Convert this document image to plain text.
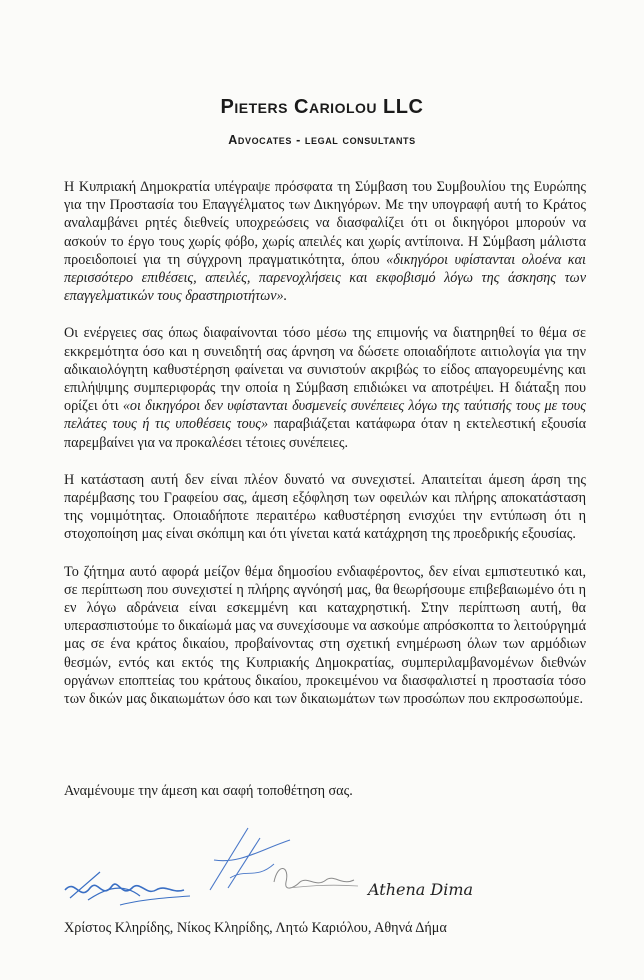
Pieters Cariolou LLC
Advocates - legal consultants

Η Κυπριακή Δημοκρατία υπέγραψε πρόσφατα τη Σύμβαση του Συμβουλίου της Ευρώπης για την Προστασία του Επαγγέλματος των Δικηγόρων. Με την υπογραφή αυτή το Κράτος αναλαμβάνει ρητές διεθνείς υποχρεώσεις να διασφαλίζει ότι οι δικηγόροι μπορούν να ασκούν το έργο τους χωρίς φόβο, χωρίς απειλές και χωρίς αντίποινα. Η Σύμβαση μάλιστα προειδοποιεί για τη σύγχρονη πραγματικότητα, όπου «δικηγόροι υφίστανται ολοένα και περισσότερο επιθέσεις, απειλές, παρενοχλήσεις και εκφοβισμό λόγω της άσκησης των επαγγελματικών τους δραστηριοτήτων».

Οι ενέργειες σας όπως διαφαίνονται τόσο μέσω της επιμονής να διατηρηθεί το θέμα σε εκκρεμότητα όσο και η συνειδητή σας άρνηση να δώσετε οποιαδήποτε αιτιολογία για την αδικαιολόγητη καθυστέρηση φαίνεται να συνιστούν ακριβώς το είδος απαγορευμένης και επιλήψιμης συμπεριφοράς την οποία η Σύμβαση επιδιώκει να αποτρέψει. Η διάταξη που ορίζει ότι «οι δικηγόροι δεν υφίστανται δυσμενείς συνέπειες λόγω της ταύτισής τους με τους πελάτες τους ή τις υποθέσεις τους» παραβιάζεται κατάφωρα όταν η εκτελεστική εξουσία παρεμβαίνει για να προκαλέσει τέτοιες συνέπειες.

Η κατάσταση αυτή δεν είναι πλέον δυνατό να συνεχιστεί. Απαιτείται άμεση άρση της παρέμβασης του Γραφείου σας, άμεση εξόφληση των οφειλών και πλήρης αποκατάσταση της νομιμότητας. Οποιαδήποτε περαιτέρω καθυστέρηση ενισχύει την εντύπωση ότι η στοχοποίηση μας είναι σκόπιμη και ότι γίνεται κατά κατάχρηση της προεδρικής εξουσίας.

Το ζήτημα αυτό αφορά μείζον θέμα δημοσίου ενδιαφέροντος, δεν είναι εμπιστευτικό και, σε περίπτωση που συνεχιστεί η πλήρης αγνόησή μας, θα θεωρήσουμε επιβεβαιωμένο ότι η εν λόγω αδράνεια είναι εσκεμμένη και καταχρηστική. Στην περίπτωση αυτή, θα υπερασπιστούμε το δικαίωμά μας να συνεχίσουμε να ασκούμε απρόσκοπτα το λειτούργημά μας σε ένα κράτος δικαίου, προβαίνοντας στη σχετική ενημέρωση όλων των αρμόδιων θεσμών, εντός και εκτός της Κυπριακής Δημοκρατίας, συμπεριλαμβανομένων διεθνών οργάνων εποπτείας του κράτους δικαίου, προκειμένου να διασφαλιστεί η προστασία τόσο των δικών μας δικαιωμάτων όσο και των δικαιωμάτων των προσώπων που εκπροσωπούμε.

Αναμένουμε την άμεση και σαφή τοποθέτηση σας.
Athena Dima
Χρίστος Κληρίδης, Νίκος Κληρίδης, Λητώ Καριόλου, Αθηνά Δήμα
